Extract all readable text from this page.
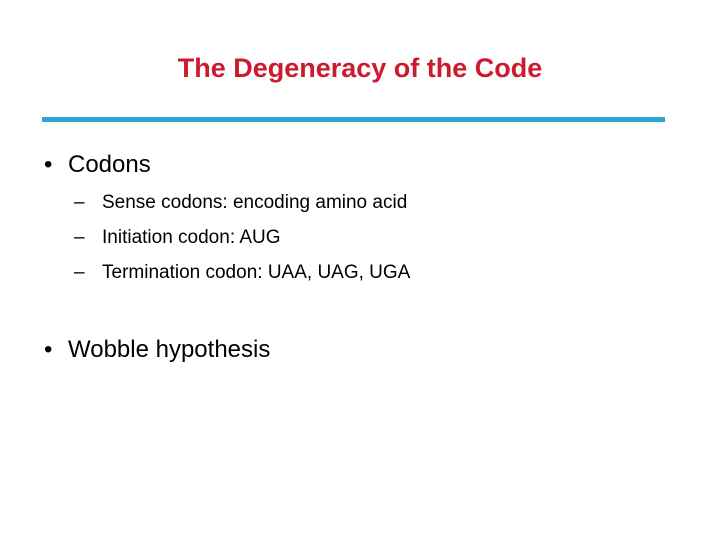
The Degeneracy of the Code
• Codons
– Sense codons: encoding amino acid
– Initiation codon: AUG
– Termination codon: UAA, UAG, UGA
• Wobble hypothesis
